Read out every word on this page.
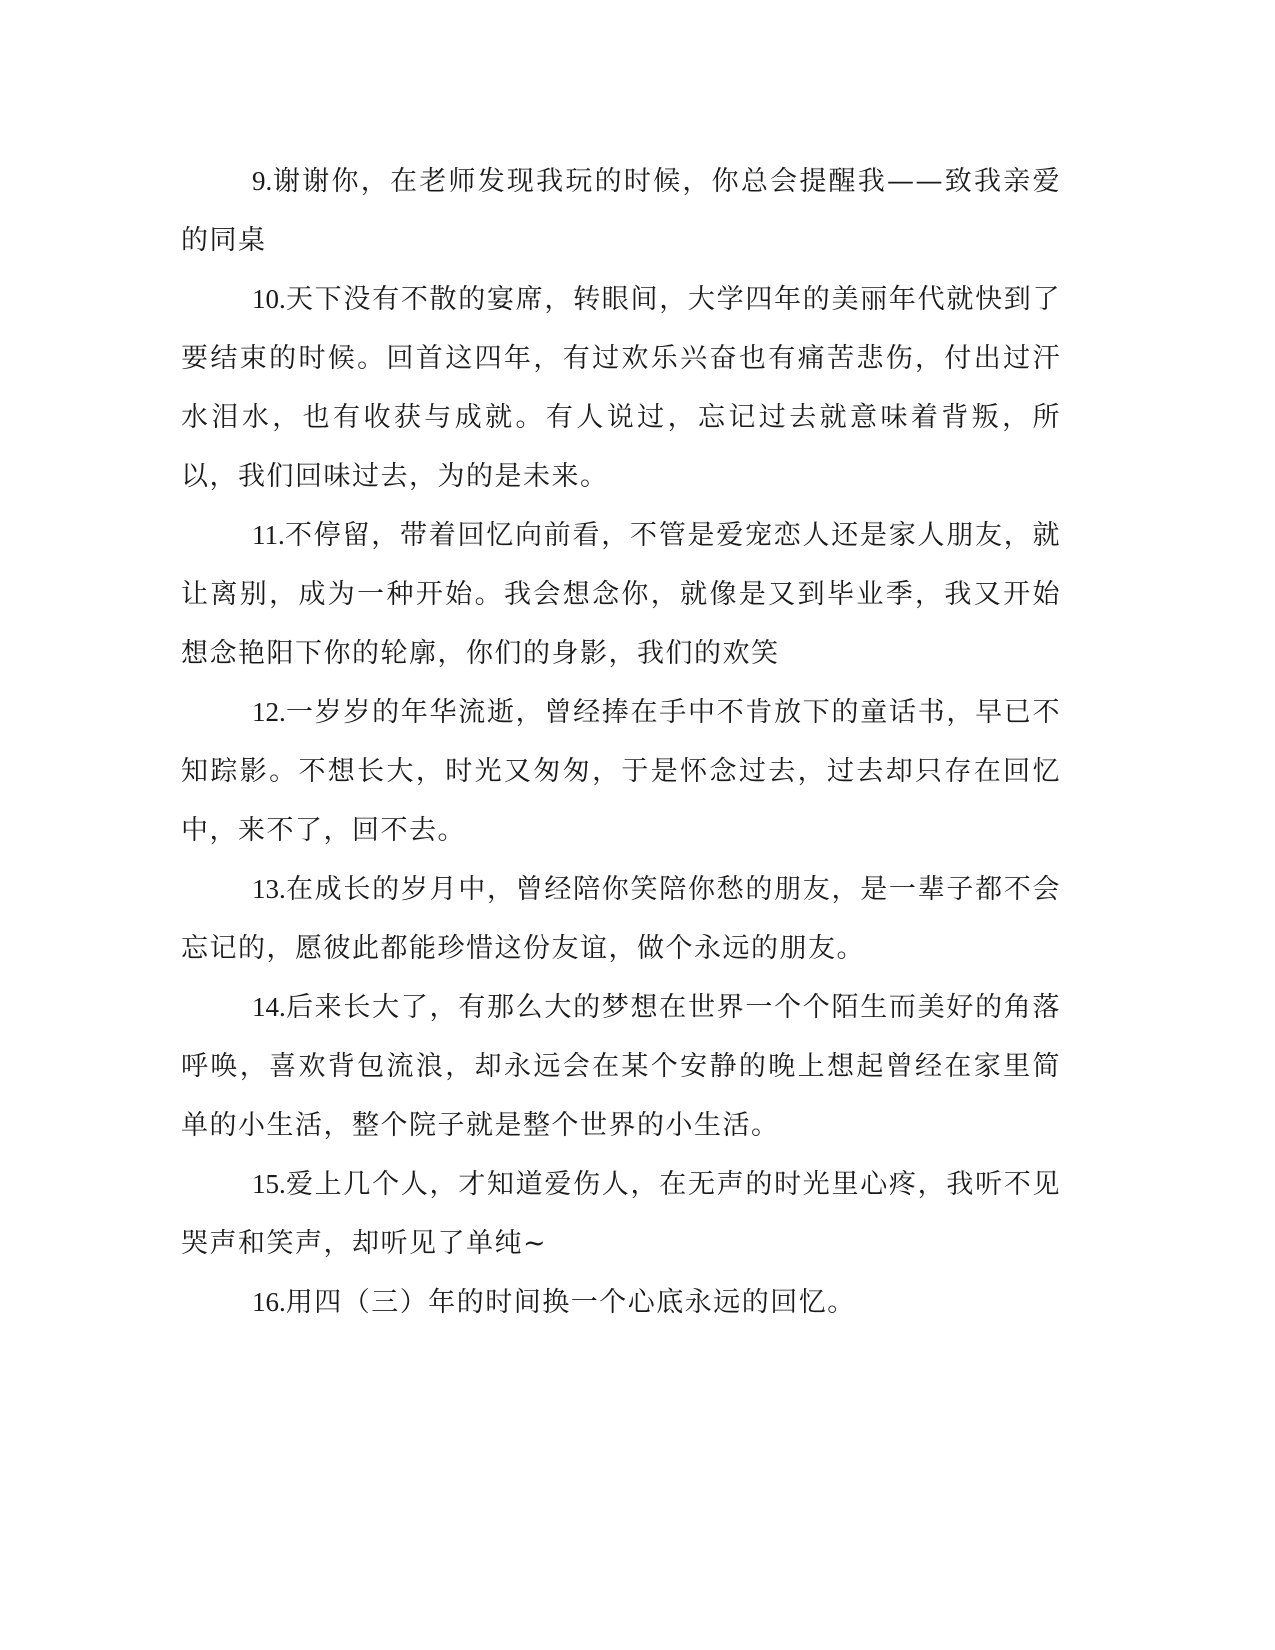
9.谢谢你，在老师发现我玩的时候，你总会提醒我——致我亲爱的同桌

10.天下没有不散的宴席，转眼间，大学四年的美丽年代就快到了要结束的时候。回首这四年，有过欢乐兴奋也有痛苦悲伤，付出过汗水泪水，也有收获与成就。有人说过，忘记过去就意味着背叛，所以，我们回味过去，为的是未来。

11.不停留，带着回忆向前看，不管是爱宠恋人还是家人朋友，就让离别，成为一种开始。我会想念你，就像是又到毕业季，我又开始想念艳阳下你的轮廓，你们的身影，我们的欢笑

12.一岁岁的年华流逝，曾经捧在手中不肯放下的童话书，早已不知踪影。不想长大，时光又匆匆，于是怀念过去，过去却只存在回忆中，来不了，回不去。

13.在成长的岁月中，曾经陪你笑陪你愁的朋友，是一辈子都不会忘记的，愿彼此都能珍惜这份友谊，做个永远的朋友。

14.后来长大了，有那么大的梦想在世界一个个陌生而美好的角落呼唤，喜欢背包流浪，却永远会在某个安静的晚上想起曾经在家里简单的小生活，整个院子就是整个世界的小生活。

15.爱上几个人，才知道爱伤人，在无声的时光里心疼，我听不见哭声和笑声，却听见了单纯~

16.用四（三）年的时间换一个心底永远的回忆。
